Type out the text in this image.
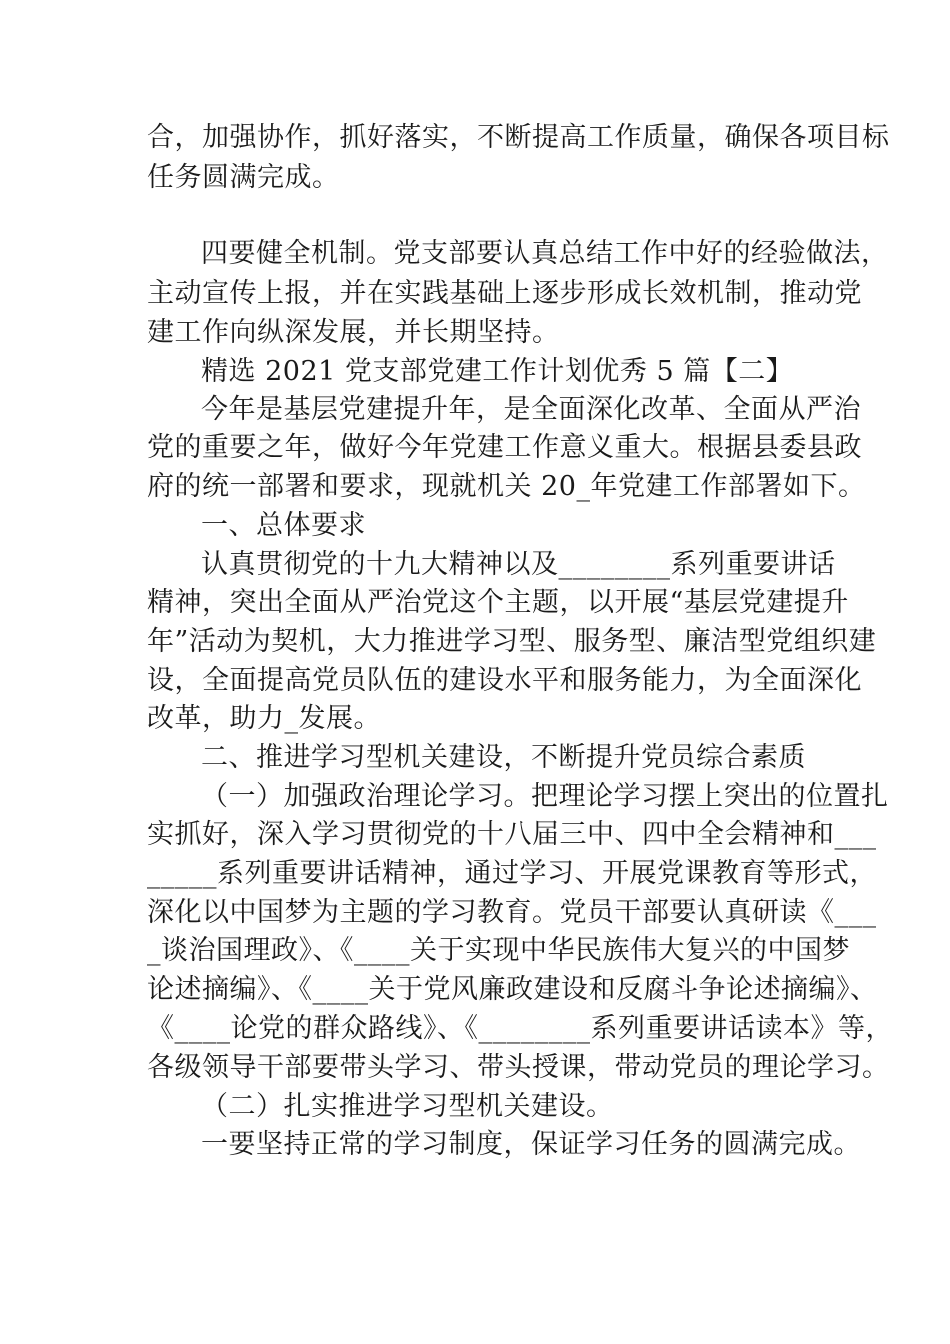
合，加强协作，抓好落实，不断提高工作质量，确保各项目标
任务圆满完成。
四要健全机制。党支部要认真总结工作中好的经验做法，
主动宣传上报，并在实践基础上逐步形成长效机制，推动党
建工作向纵深发展，并长期坚持。
精选 2021 党支部党建工作计划优秀 5 篇【二】
今年是基层党建提升年，是全面深化改革、全面从严治
党的重要之年，做好今年党建工作意义重大。根据县委县政
府的统一部署和要求，现就机关 20_年党建工作部署如下。
一、总体要求
认真贯彻党的十九大精神以及________系列重要讲话
精神，突出全面从严治党这个主题，以开展“基层党建提升
年”活动为契机，大力推进学习型、服务型、廉洁型党组织建
设，全面提高党员队伍的建设水平和服务能力，为全面深化
改革，助力_发展。
二、推进学习型机关建设，不断提升党员综合素质
（一）加强政治理论学习。把理论学习摆上突出的位置扎
实抓好，深入学习贯彻党的十八届三中、四中全会精神和___
_____系列重要讲话精神，通过学习、开展党课教育等形式，
深化以中国梦为主题的学习教育。党员干部要认真研读《___
_谈治国理政》、《____关于实现中华民族伟大复兴的中国梦
论述摘编》、《____关于党风廉政建设和反腐斗争论述摘编》、
《____论党的群众路线》、《________系列重要讲话读本》等，
各级领导干部要带头学习、带头授课，带动党员的理论学习。
（二）扎实推进学习型机关建设。
一要坚持正常的学习制度，保证学习任务的圆满完成。
